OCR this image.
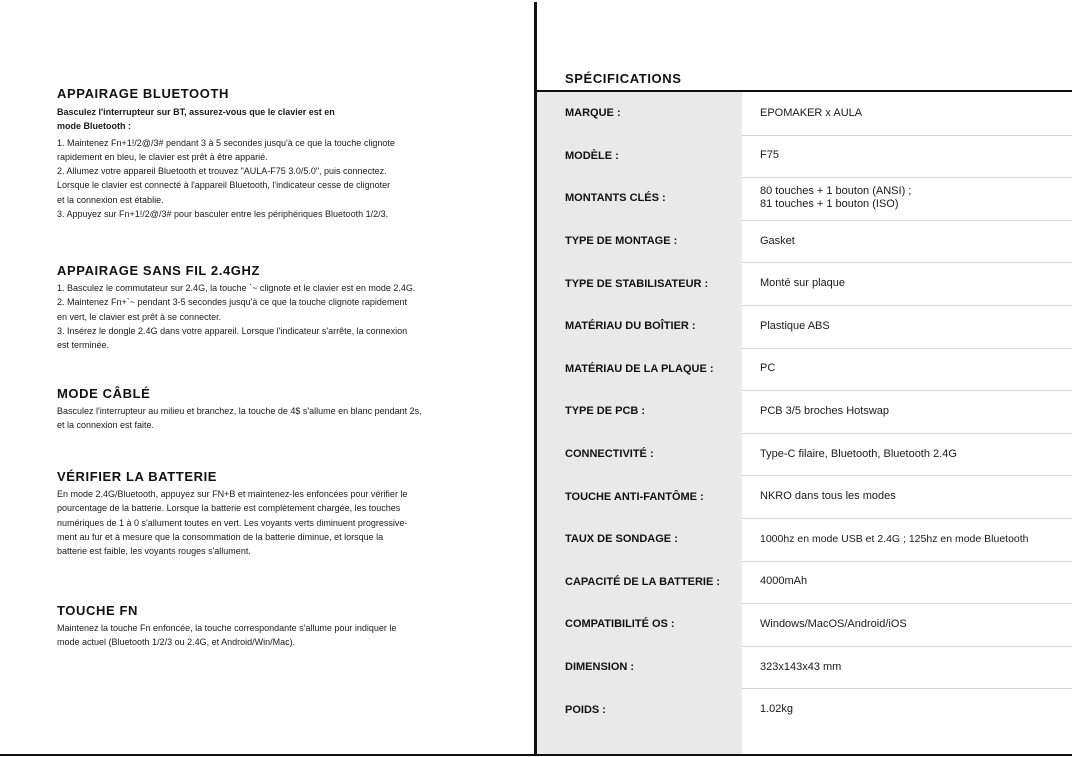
APPAIRAGE BLUETOOTH

Basculez l'interrupteur sur BT, assurez-vous que le clavier est en
mode Bluetooth :

1. Maintenez Fn+1!/2@/3# pendant 3 à 5 secondes jusqu'à ce que la touche clignote
rapidement en bleu, le clavier est prêt à être apparié.
2. Allumez votre appareil Bluetooth et trouvez "AULA-F75 3.0/5.0", puis connectez.
Lorsque le clavier est connecté à l'appareil Bluetooth, l'indicateur cesse de clignoter
et la connexion est établie.
3. Appuyez sur Fn+1!/2@/3# pour basculer entre les périphériques Bluetooth 1/2/3.

APPAIRAGE SANS FIL 2.4GHZ

1. Basculez le commutateur sur 2.4G, la touche `~ clignote et le clavier est en mode 2.4G.
2. Maintenez Fn+`~ pendant 3-5 secondes jusqu'à ce que la touche clignote rapidement
en vert, le clavier est prêt à se connecter.
3. Insérez le dongle 2.4G dans votre appareil. Lorsque l'indicateur s'arrête, la connexion
est terminée.

MODE CÂBLÉ

Basculez l'interrupteur au milieu et branchez, la touche de 4$ s'allume en blanc pendant 2s,
et la connexion est faite.

VÉRIFIER LA BATTERIE

En mode 2.4G/Bluetooth, appuyez sur FN+B et maintenez-les enfoncées pour vérifier le
pourcentage de la batterie. Lorsque la batterie est complètement chargée, les touches
numériques de 1 à 0 s'allument toutes en vert. Les voyants verts diminuent progressive-
ment au fur et à mesure que la consommation de la batterie diminue, et lorsque la
batterie est faible, les voyants rouges s'allument.

TOUCHE FN

Maintenez la touche Fn enfoncée, la touche correspondante s'allume pour indiquer le
mode actuel (Bluetooth 1/2/3 ou 2.4G, et Android/Win/Mac).

SPÉCIFICATIONS
MARQUE :	EPOMAKER x AULA
MODÈLE :	F75
MONTANTS CLÉS :
80 touches + 1 bouton (ANSI) ;
81 touches + 1 bouton (ISO)
TYPE DE MONTAGE :	Gasket
TYPE DE STABILISATEUR :	Monté sur plaque
MATÉRIAU DU BOÎTIER :	Plastique ABS
MATÉRIAU DE LA PLAQUE :	PC
TYPE DE PCB :	PCB 3/5 broches Hotswap
CONNECTIVITÉ :	Type-C filaire, Bluetooth, Bluetooth 2.4G
TOUCHE ANTI-FANTÔME :	NKRO dans tous les modes
TAUX DE SONDAGE :	1000hz en mode USB et 2.4G ; 125hz en mode Bluetooth
CAPACITÉ DE LA BATTERIE :	4000mAh
COMPATIBILITÉ OS :	Windows/MacOS/Android/iOS
DIMENSION :	323x143x43 mm
POIDS :	1.02kg
